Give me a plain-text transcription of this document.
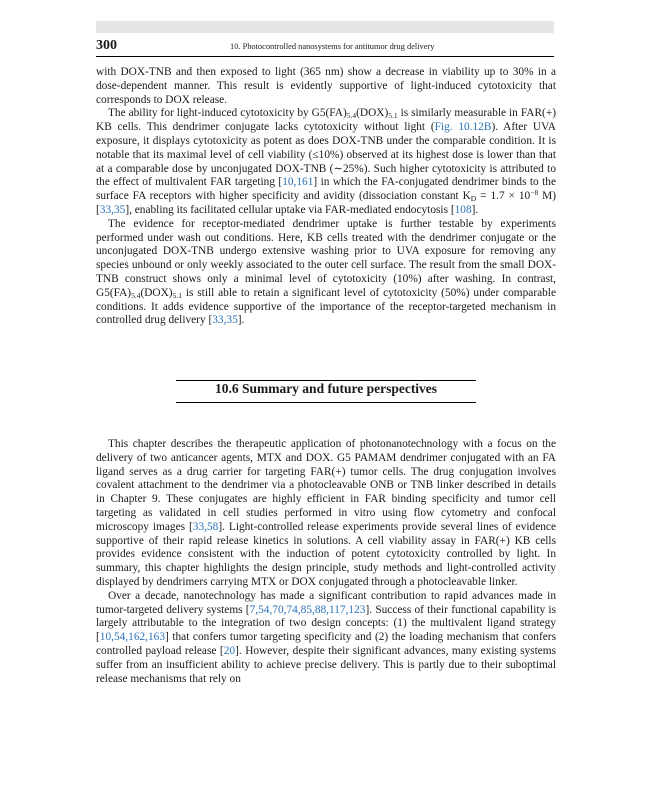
300	10. Photocontrolled nanosystems for antitumor drug delivery

with DOX-TNB and then exposed to light (365 nm) show a decrease in viability up to 30% in a dose-dependent manner. This result is evidently supportive of light-induced cytotoxicity that corresponds to DOX release.

The ability for light-induced cytotoxicity by $G5(FA)_{5.4}(DOX)_{5.1}$ is similarly measurable in FAR(+) KB cells. This dendrimer conjugate lacks cytotoxicity without light (Fig. 10.12B). After UVA exposure, it displays cytotoxicity as potent as does DOX-TNB under the comparable condition. It is notable that its maximal level of cell viability (≤10%) observed at its highest dose is lower than that at a comparable dose by unconjugated DOX-TNB (∼25%). Such higher cytotoxicity is attributed to the effect of multivalent FAR targeting [10,161] in which the FA-conjugated dendrimer binds to the surface FA receptors with higher specificity and avidity (dissociation constant $K_D = 1.7 \times 10^{-8}$ M) [33,35], enabling its facilitated cellular uptake via FAR-mediated endocytosis [108].

The evidence for receptor-mediated dendrimer uptake is further testable by experiments performed under wash out conditions. Here, KB cells treated with the dendrimer conjugate or the unconjugated DOX-TNB undergo extensive washing prior to UVA exposure for removing any species unbound or only weekly associated to the outer cell surface. The result from the small DOX-TNB construct shows only a minimal level of cytotoxicity (10%) after washing. In contrast, $G5(FA)_{5.4}(DOX)_{5.1}$ is still able to retain a significant level of cytotoxicity (50%) under comparable conditions. It adds evidence supportive of the importance of the receptor-targeted mechanism in controlled drug delivery [33,35].

10.6 Summary and future perspectives

This chapter describes the therapeutic application of photonanotechnology with a focus on the delivery of two anticancer agents, MTX and DOX. G5 PAMAM dendrimer conjugated with an FA ligand serves as a drug carrier for targeting FAR(+) tumor cells. The drug conjugation involves covalent attachment to the dendrimer via a photocleavable ONB or TNB linker described in details in Chapter 9. These conjugates are highly efficient in FAR binding specificity and tumor cell targeting as validated in cell studies performed in vitro using flow cytometry and confocal microscopy images [33,58]. Light-controlled release experiments provide several lines of evidence supportive of their rapid release kinetics in solutions. A cell viability assay in FAR(+) KB cells provides evidence consistent with the induction of potent cytotoxicity controlled by light. In summary, this chapter highlights the design principle, study methods and light-controlled activity displayed by dendrimers carrying MTX or DOX conjugated through a photocleavable linker.

Over a decade, nanotechnology has made a significant contribution to rapid advances made in tumor-targeted delivery systems [7,54,70,74,85,88,117,123]. Success of their functional capability is largely attributable to the integration of two design concepts: (1) the multivalent ligand strategy [10,54,162,163] that confers tumor targeting specificity and (2) the loading mechanism that confers controlled payload release [20]. However, despite their significant advances, many existing systems suffer from an insufficient ability to achieve precise delivery. This is partly due to their suboptimal release mechanisms that rely on
